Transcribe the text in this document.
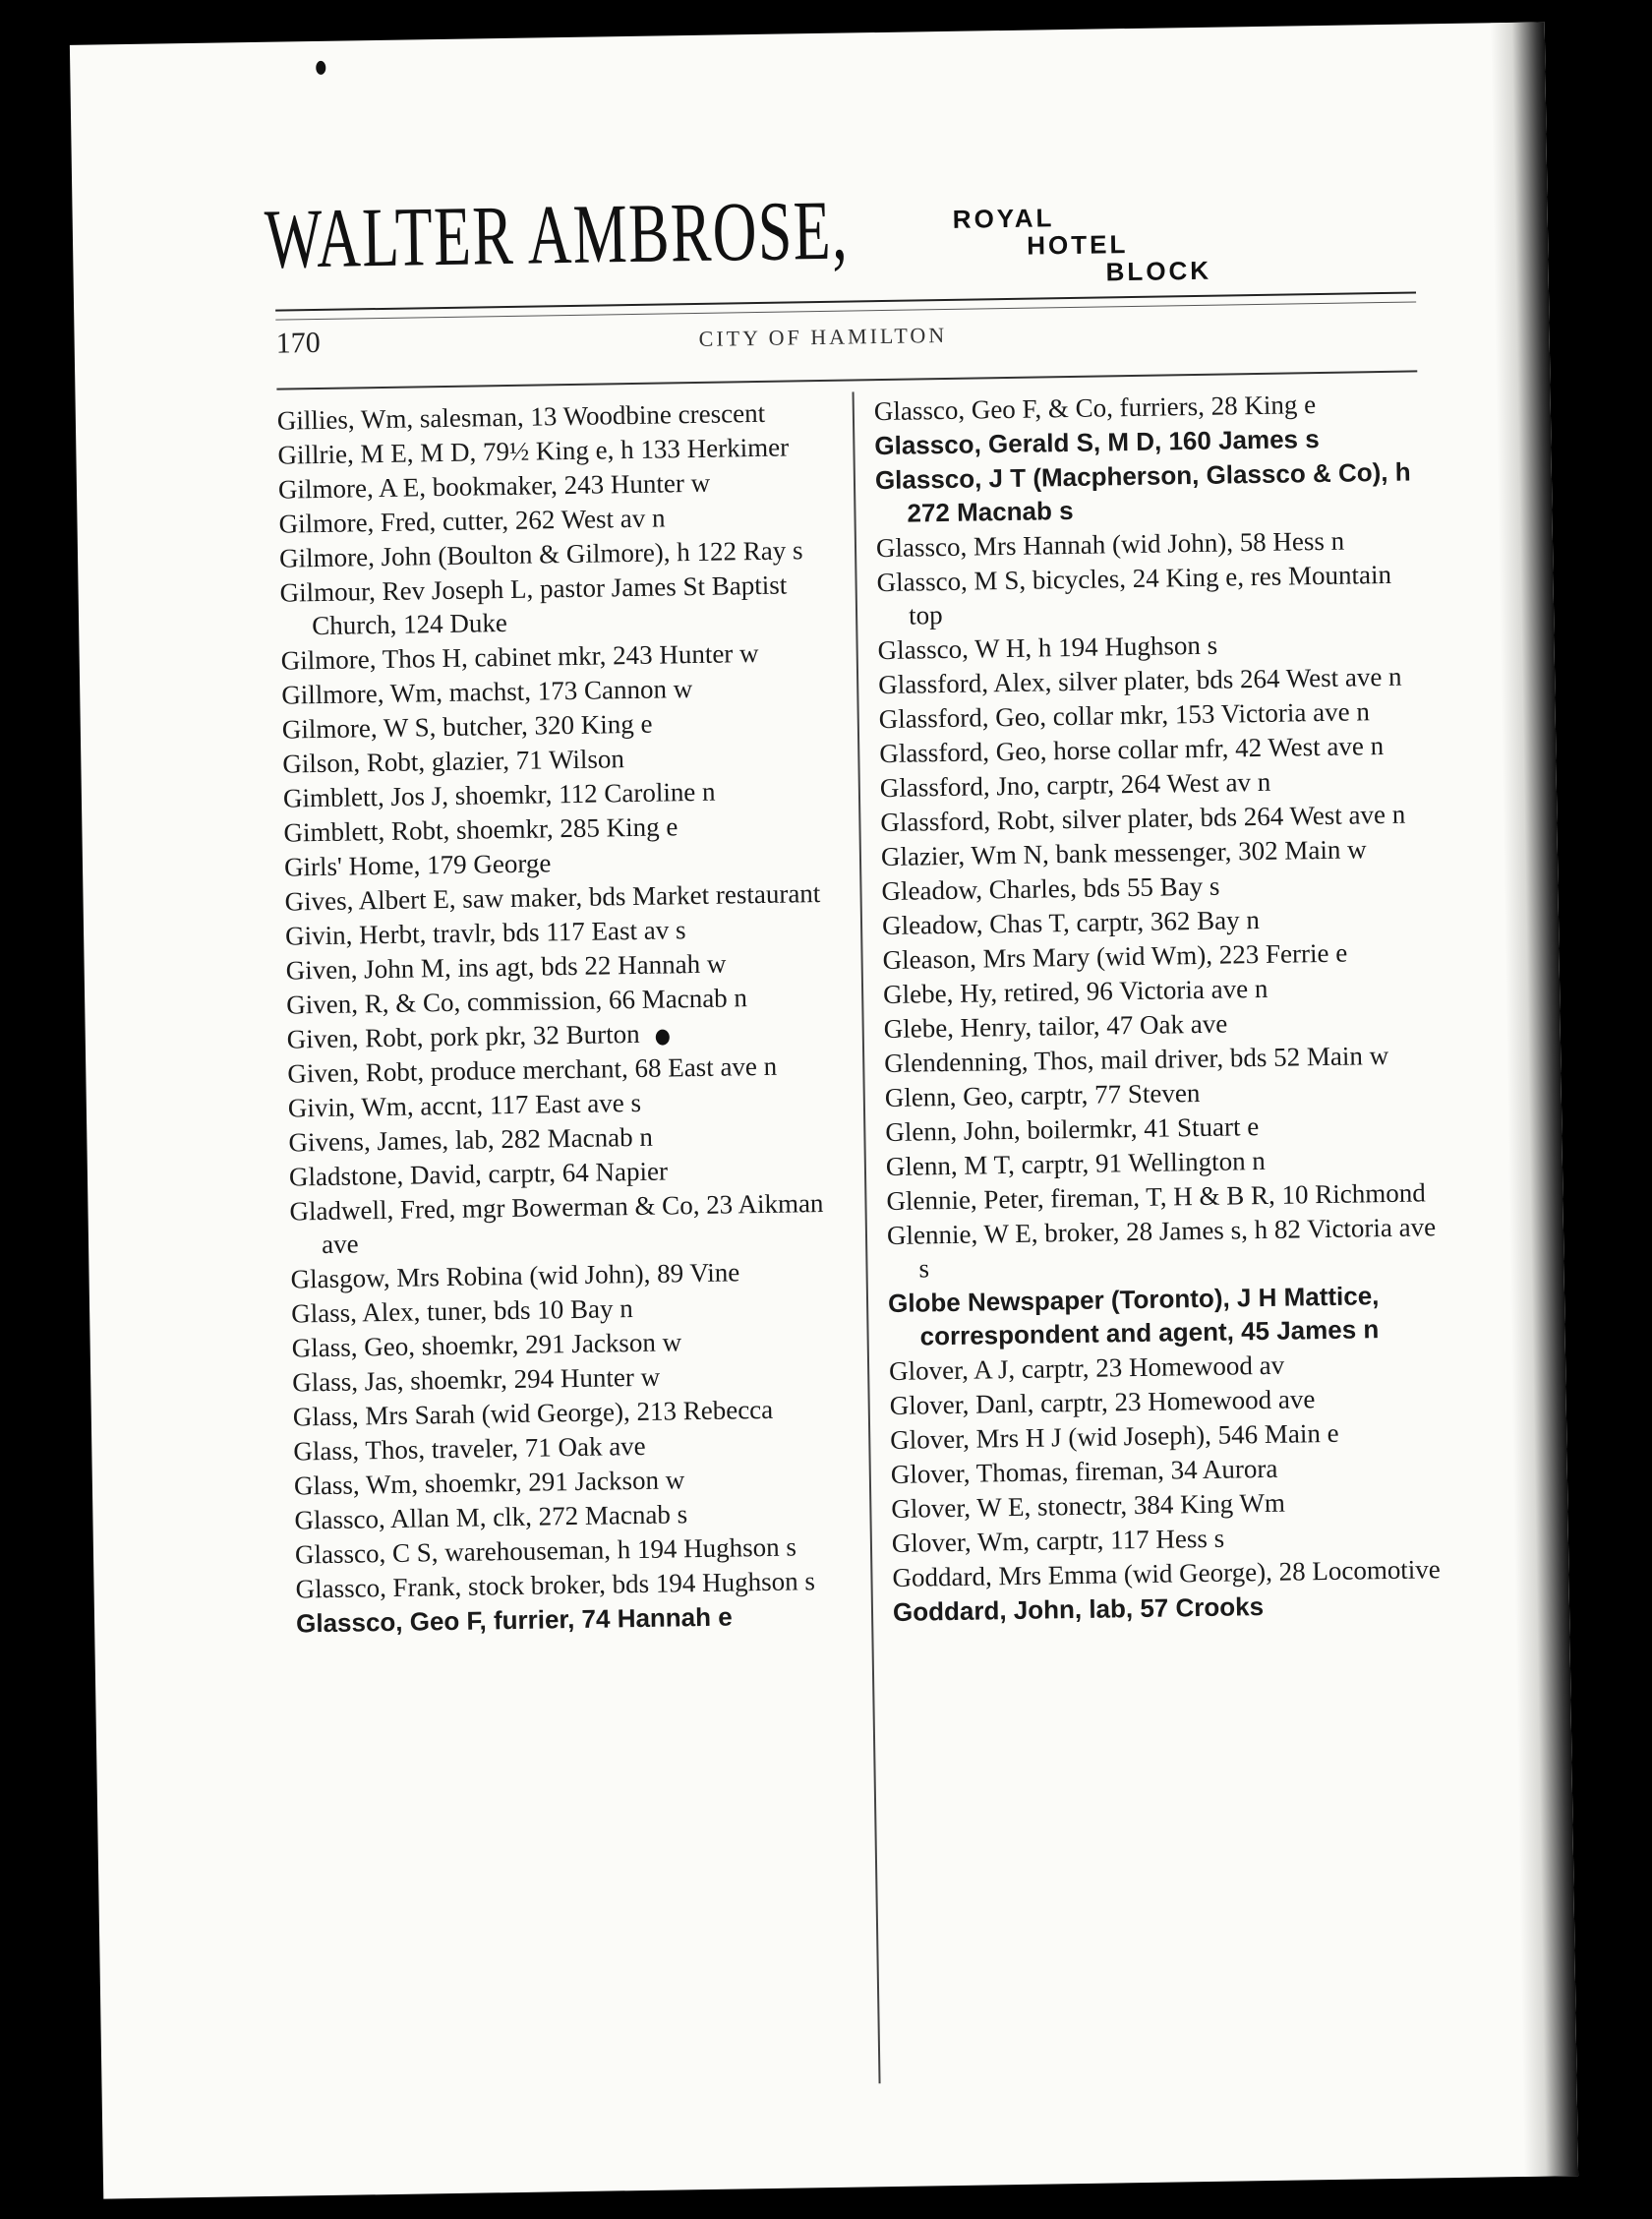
WALTER AMBROSE,	ROYAL
HOTEL
BLOCK
170	CITY OF HAMILTON
Gillies, Wm, salesman, 13 Woodbine crescent
Gillrie, M E, M D, 79½ King e, h 133 Herkimer
Gilmore, A E, bookmaker, 243 Hunter w
Gilmore, Fred, cutter, 262 West av n
Gilmore, John (Boulton & Gilmore), h 122 Ray s
Gilmour, Rev Joseph L, pastor James St Baptist Church, 124 Duke
Gilmore, Thos H, cabinet mkr, 243 Hunter w
Gillmore, Wm, machst, 173 Cannon w
Gilmore, W S, butcher, 320 King e
Gilson, Robt, glazier, 71 Wilson
Gimblett, Jos J, shoemkr, 112 Caroline n
Gimblett, Robt, shoemkr, 285 King e
Girls' Home, 179 George
Gives, Albert E, saw maker, bds Market restaurant
Givin, Herbt, travlr, bds 117 East av s
Given, John M, ins agt, bds 22 Hannah w
Given, R, & Co, commission, 66 Macnab n
Given, Robt, pork pkr, 32 Burton
Given, Robt, produce merchant, 68 East ave n
Givin, Wm, accnt, 117 East ave s
Givens, James, lab, 282 Macnab n
Gladstone, David, carptr, 64 Napier
Gladwell, Fred, mgr Bowerman & Co, 23 Aikman ave
Glasgow, Mrs Robina (wid John), 89 Vine
Glass, Alex, tuner, bds 10 Bay n
Glass, Geo, shoemkr, 291 Jackson w
Glass, Jas, shoemkr, 294 Hunter w
Glass, Mrs Sarah (wid George), 213 Rebecca
Glass, Thos, traveler, 71 Oak ave
Glass, Wm, shoemkr, 291 Jackson w
Glassco, Allan M, clk, 272 Macnab s
Glassco, C S, warehouseman, h 194 Hughson s
Glassco, Frank, stock broker, bds 194 Hughson s
Glassco, Geo F, furrier, 74 Hannah e
Glassco, Geo F, & Co, furriers, 28 King e
Glassco, Gerald S, M D, 160 James s
Glassco, J T (Macpherson, Glassco & Co), h 272 Macnab s
Glassco, Mrs Hannah (wid John), 58 Hess n
Glassco, M S, bicycles, 24 King e, res Mountain top
Glassco, W H, h 194 Hughson s
Glassford, Alex, silver plater, bds 264 West ave n
Glassford, Geo, collar mkr, 153 Victoria ave n
Glassford, Geo, horse collar mfr, 42 West ave n
Glassford, Jno, carptr, 264 West av n
Glassford, Robt, silver plater, bds 264 West ave n
Glazier, Wm N, bank messenger, 302 Main w
Gleadow, Charles, bds 55 Bay s
Gleadow, Chas T, carptr, 362 Bay n
Gleason, Mrs Mary (wid Wm), 223 Ferrie e
Glebe, Hy, retired, 96 Victoria ave n
Glebe, Henry, tailor, 47 Oak ave
Glendenning, Thos, mail driver, bds 52 Main w
Glenn, Geo, carptr, 77 Steven
Glenn, John, boilermkr, 41 Stuart e
Glenn, M T, carptr, 91 Wellington n
Glennie, Peter, fireman, T, H & B R, 10 Richmond
Glennie, W E, broker, 28 James s, h 82 Victoria ave s
Globe Newspaper (Toronto), J H Mattice, correspondent and agent, 45 James n
Glover, A J, carptr, 23 Homewood av
Glover, Danl, carptr, 23 Homewood ave
Glover, Mrs H J (wid Joseph), 546 Main e
Glover, Thomas, fireman, 34 Aurora
Glover, W E, stonectr, 384 King Wm
Glover, Wm, carptr, 117 Hess s
Goddard, Mrs Emma (wid George), 28 Locomotive
Goddard, John, lab, 57 Crooks
